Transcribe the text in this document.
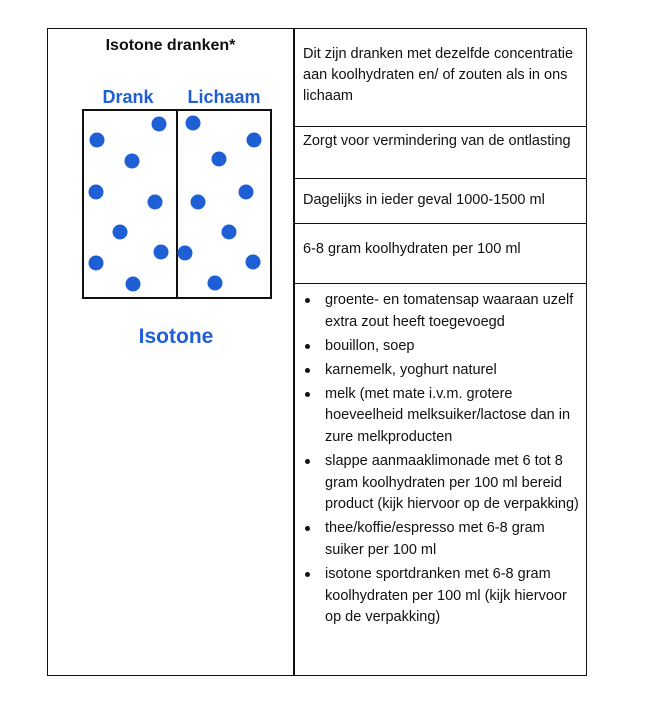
Isotone dranken*
Drank Lichaam
Isotone
Dit zijn dranken met dezelfde concentratie aan koolhydraten en/ of zouten als in ons lichaam
Zorgt voor vermindering van de ontlasting
Dagelijks in ieder geval 1000-1500 ml
6-8 gram koolhydraten per 100 ml
groente- en tomatensap waaraan uzelf extra zout heeft toegevoegd
bouillon, soep
karnemelk, yoghurt naturel
melk (met mate i.v.m. grotere hoeveelheid melksuiker/lactose dan in zure melkproducten
slappe aanmaaklimonade met 6 tot 8 gram koolhydraten per 100 ml bereid product (kijk hiervoor op de verpakking)
thee/koffie/espresso met 6-8 gram suiker per 100 ml
isotone sportdranken met 6-8 gram koolhydraten per 100 ml (kijk hiervoor op de verpakking)
